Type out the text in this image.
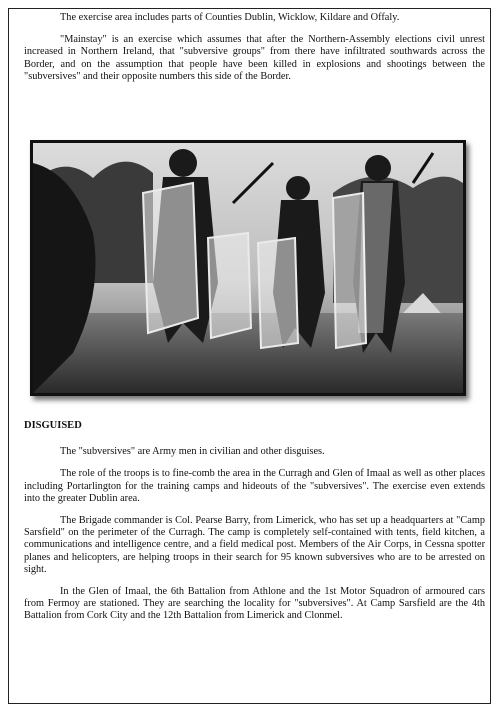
The exercise area includes parts of Counties Dublin, Wicklow, Kildare and Offaly.

"Mainstay" is an exercise which assumes that after the Northern-Assembly elections civil unrest increased in Northern Ireland, that "subversive groups" from there have infiltrated southwards across the Border, and on the assumption that people have been killed in explosions and shootings between the "subversives" and their opposite numbers this side of the Border.

DISGUISED

The "subversives" are Army men in civilian and other disguises.

The role of the troops is to fine-comb the area in the Curragh and Glen of Imaal as well as other places including Portarlington for the training camps and hideouts of the "subversives". The exercise even extends into the greater Dublin area.

The Brigade commander is Col. Pearse Barry, from Limerick, who has set up a headquarters at "Camp Sarsfield" on the perimeter of the Curragh. The camp is completely self-contained with tents, field kitchen, a communications and intelligence centre, and a field medical post. Members of the Air Corps, in Cessna spotter planes and helicopters, are helping troops in their search for 95 known subversives who are to be arrested on sight.

In the Glen of Imaal, the 6th Battalion from Athlone and the 1st Motor Squadron of armoured cars from Fermoy are stationed. They are searching the locality for "subversives". At Camp Sarsfield are the 4th Battalion from Cork City and the 12th Battalion from Limerick and Clonmel.
